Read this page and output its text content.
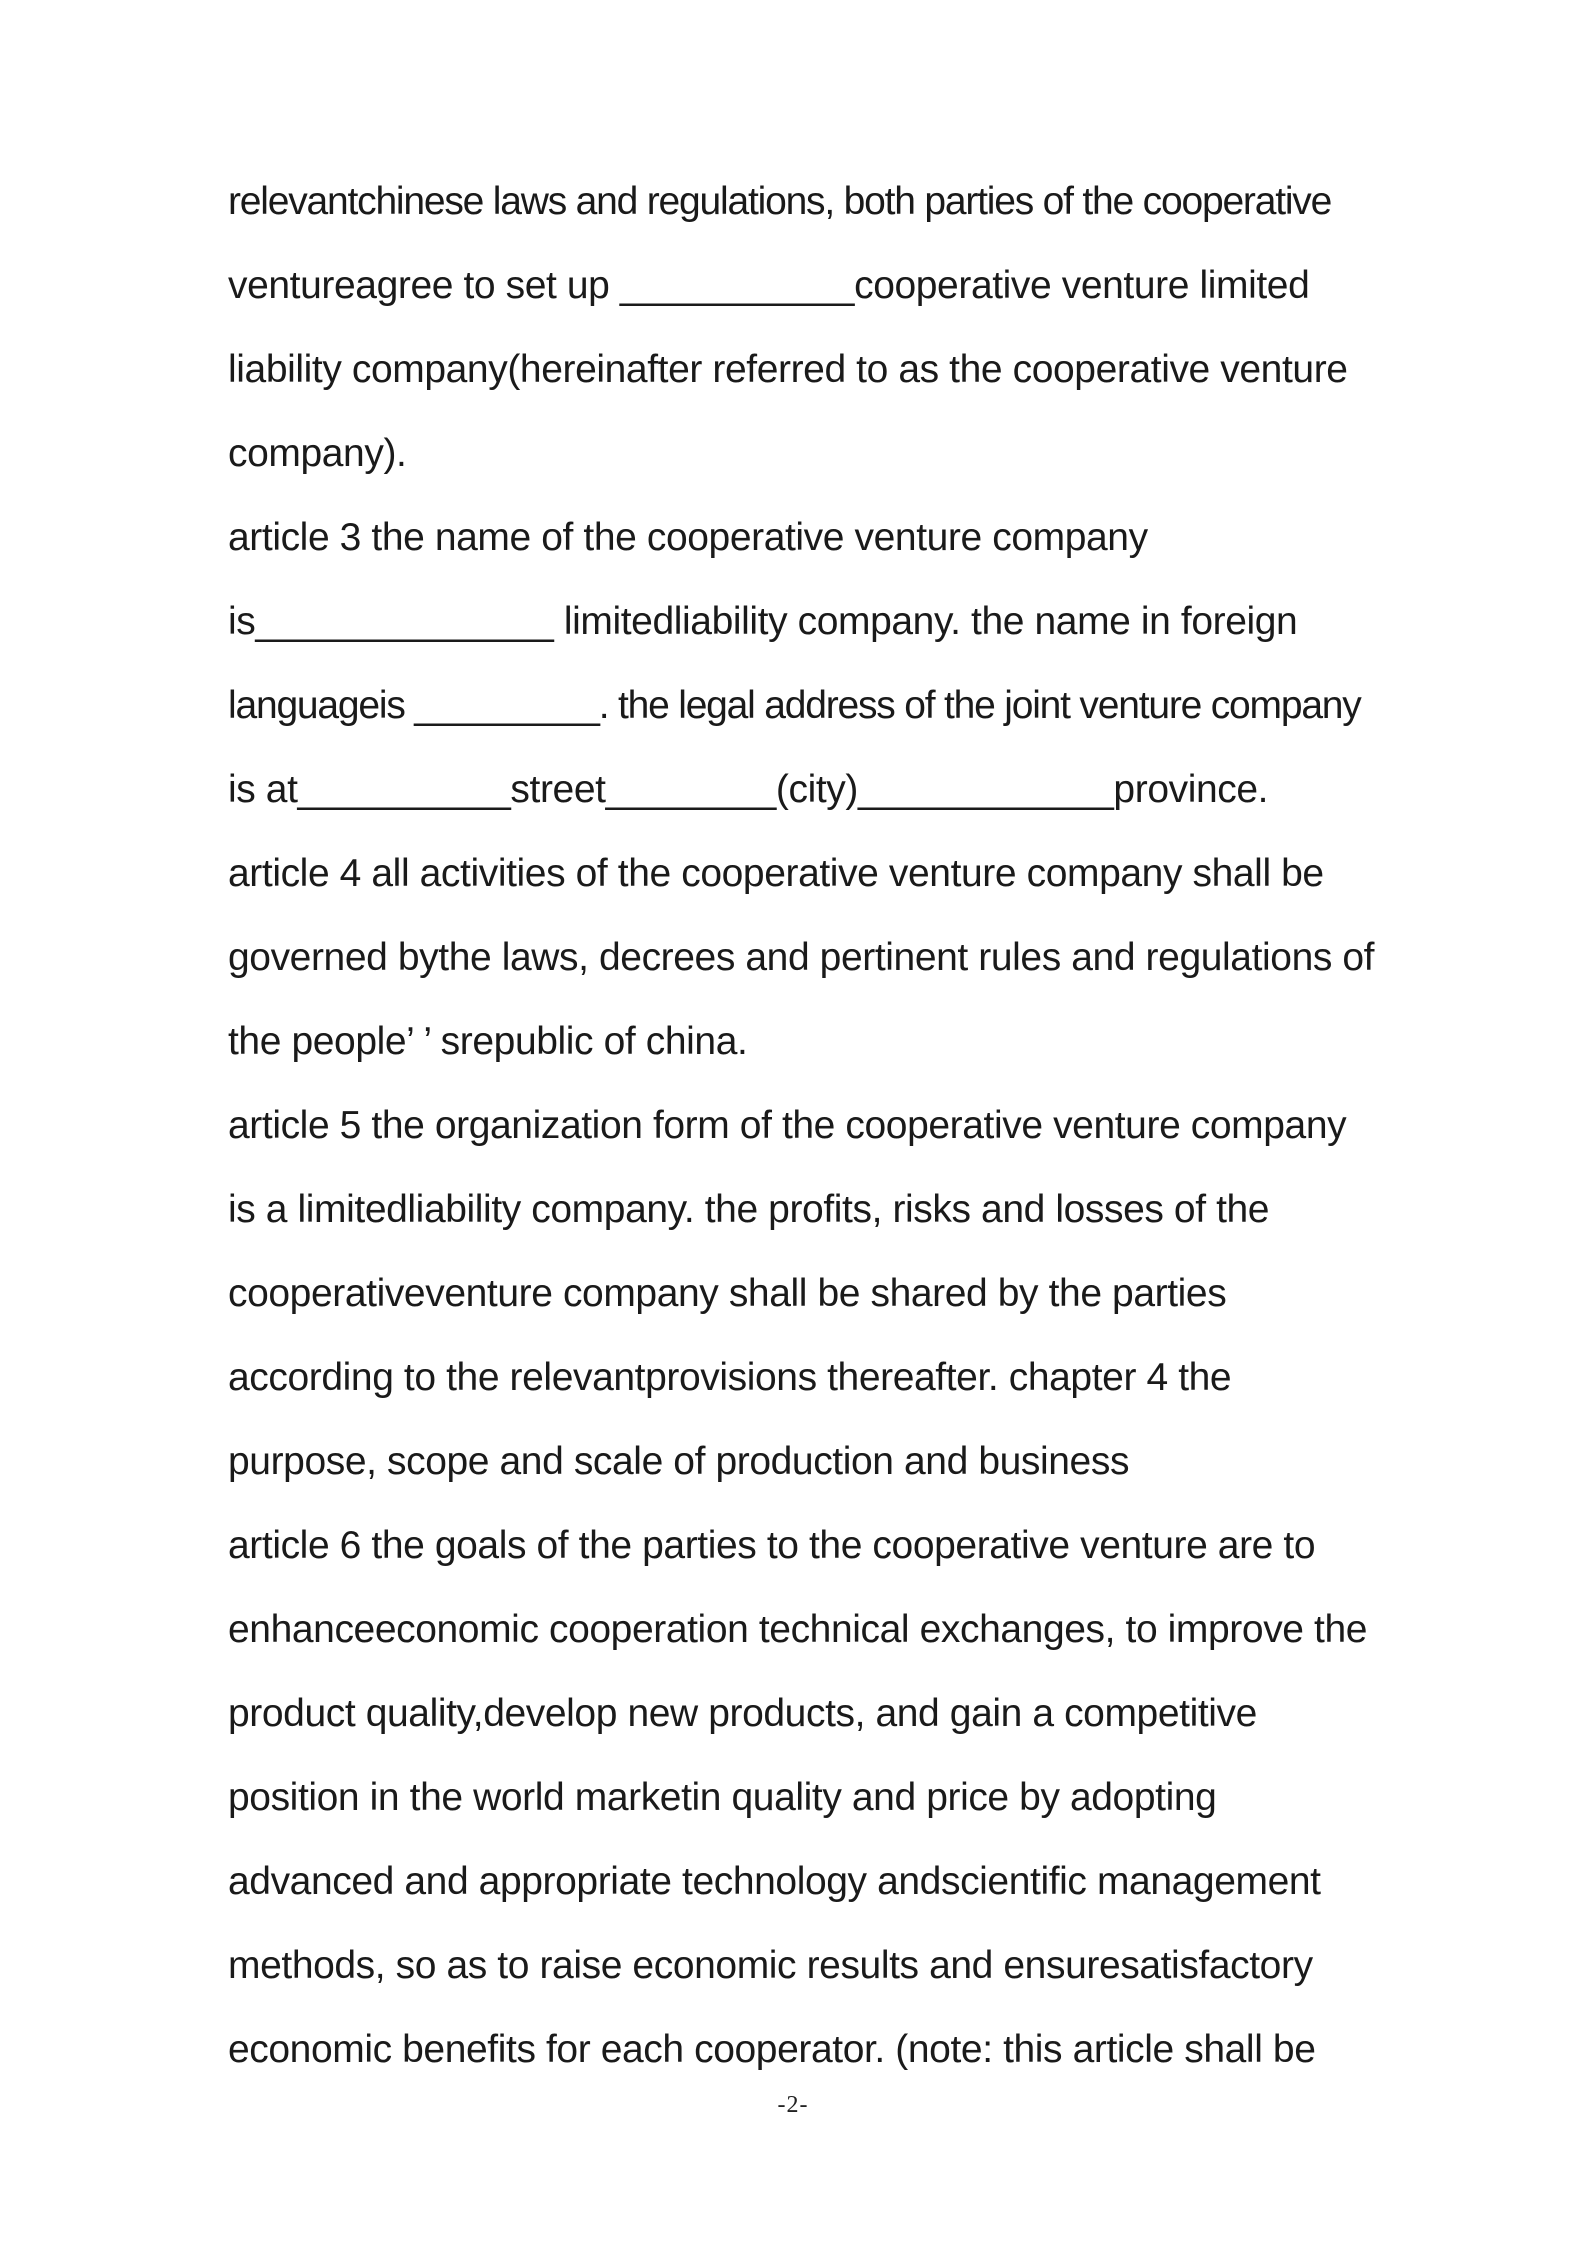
relevantchinese laws and regulations, both parties of the cooperative
ventureagree to set up ___________cooperative venture limited
liability company(hereinafter referred to as the cooperative venture
company).
article 3 the name of the cooperative venture company
is______________ limitedliability company. the name in foreign
languageis _________. the legal address of the joint venture company
is at__________street________(city)____________province.
article 4 all activities of the cooperative venture company shall be
governed bythe laws, decrees and pertinent rules and regulations of
the people’ ’ srepublic of china.
article 5 the organization form of the cooperative venture company
is a limitedliability company. the profits, risks and losses of the
cooperativeventure company shall be shared by the parties
according to the relevantprovisions thereafter. chapter 4 the
purpose, scope and scale of production and business
article 6 the goals of the parties to the cooperative venture are to
enhanceeconomic cooperation technical exchanges, to improve the
product quality,develop new products, and gain a competitive
position in the world marketin quality and price by adopting
advanced and appropriate technology andscientific management
methods, so as to raise economic results and ensuresatisfactory
economic benefits for each cooperator. (note: this article shall be
-2-
